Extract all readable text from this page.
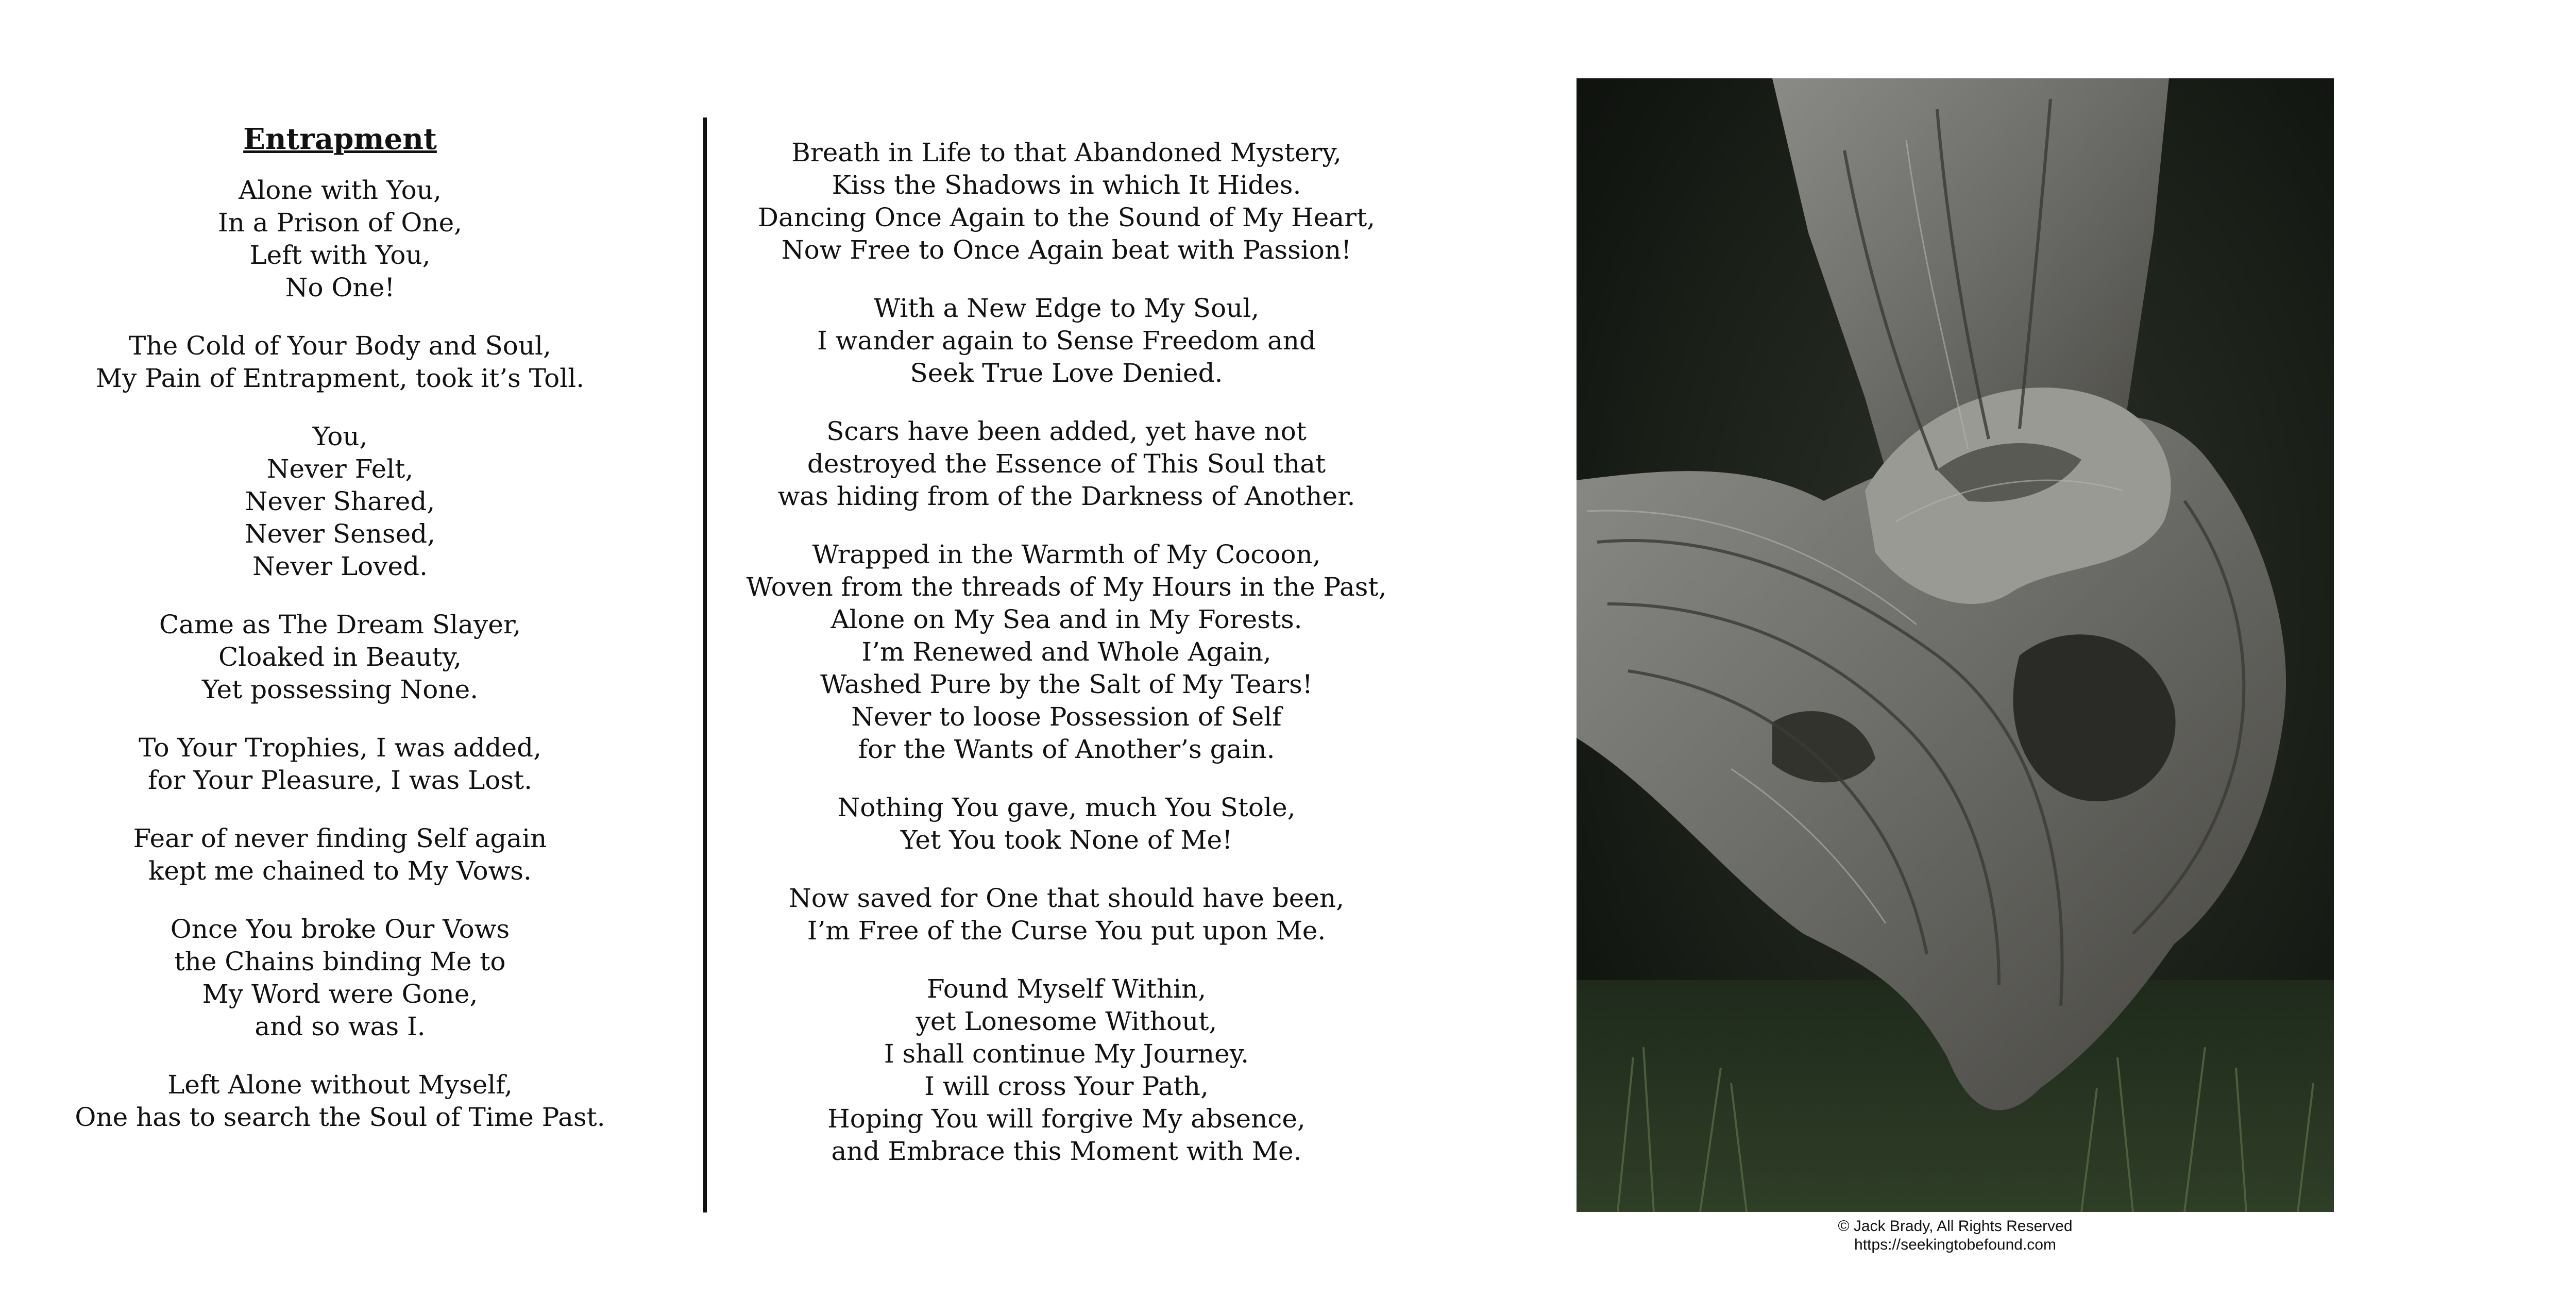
Entrapment
Alone with You,
In a Prison of One,
Left with You,
No One!
The Cold of Your Body and Soul,
My Pain of Entrapment, took it’s Toll.
You,
Never Felt,
Never Shared,
Never Sensed,
Never Loved.
Came as The Dream Slayer,
Cloaked in Beauty,
Yet possessing None.
To Your Trophies, I was added,
for Your Pleasure, I was Lost.
Fear of never finding Self again
kept me chained to My Vows.
Once You broke Our Vows
the Chains binding Me to
My Word were Gone,
and so was I.
Left Alone without Myself,
One has to search the Soul of Time Past.
Breath in Life to that Abandoned Mystery,
Kiss the Shadows in which It Hides.
Dancing Once Again to the Sound of My Heart,
Now Free to Once Again beat with Passion!
With a New Edge to My Soul,
I wander again to Sense Freedom and
Seek True Love Denied.
Scars have been added, yet have not
destroyed the Essence of This Soul that
was hiding from of the Darkness of Another.
Wrapped in the Warmth of My Cocoon,
Woven from the threads of My Hours in the Past,
Alone on My Sea and in My Forests.
I’m Renewed and Whole Again,
Washed Pure by the Salt of My Tears!
Never to loose Possession of Self
for the Wants of Another’s gain.
Nothing You gave, much You Stole,
Yet You took None of Me!
Now saved for One that should have been,
I’m Free of the Curse You put upon Me.
Found Myself Within,
yet Lonesome Without,
I shall continue My Journey.
I will cross Your Path,
Hoping You will forgive My absence,
and Embrace this Moment with Me.
© Jack Brady, All Rights Reserved
https://seekingtobefound.com
